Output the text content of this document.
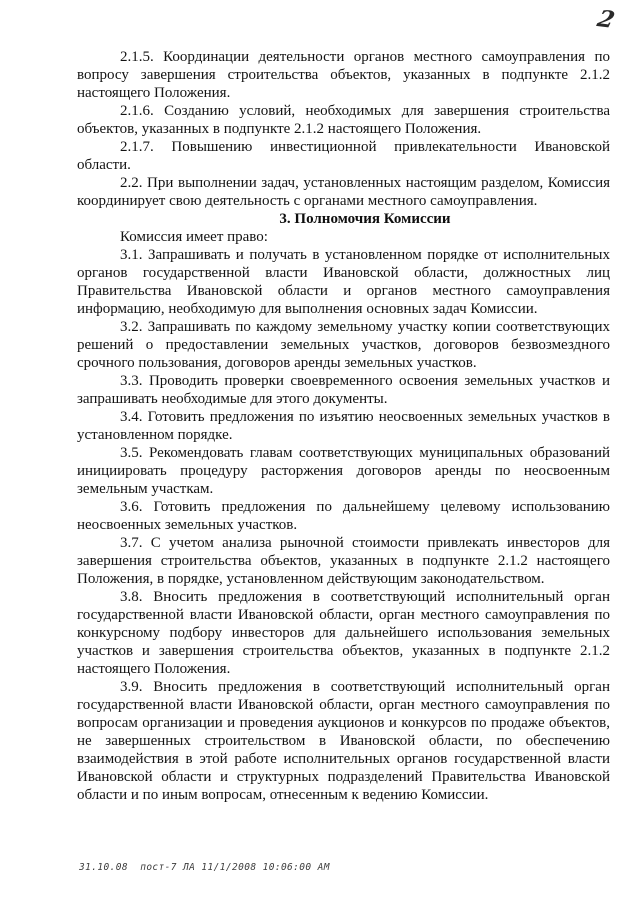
2

2.1.5. Координации деятельности органов местного самоуправления по вопросу завершения строительства объектов, указанных в подпункте 2.1.2 настоящего Положения.

2.1.6. Созданию условий, необходимых для завершения строительства объектов, указанных в подпункте 2.1.2 настоящего Положения.

2.1.7. Повышению инвестиционной привлекательности Ивановской области.

2.2. При выполнении задач, установленных настоящим разделом, Комиссия координирует свою деятельность с органами местного самоуправления.

3. Полномочия Комиссии

Комиссия имеет право:

3.1. Запрашивать и получать в установленном порядке от исполнительных органов государственной власти Ивановской области, должностных лиц Правительства Ивановской области и органов местного самоуправления информацию, необходимую для выполнения основных задач Комиссии.

3.2. Запрашивать по каждому земельному участку копии соответствующих решений о предоставлении земельных участков, договоров безвозмездного срочного пользования, договоров аренды земельных участков.

3.3. Проводить проверки своевременного освоения земельных участков и запрашивать необходимые для этого документы.

3.4. Готовить предложения по изъятию неосвоенных земельных участков в установленном порядке.

3.5. Рекомендовать главам соответствующих муниципальных образований инициировать процедуру расторжения договоров аренды по неосвоенным земельным участкам.

3.6. Готовить предложения по дальнейшему целевому использованию неосвоенных земельных участков.

3.7. С учетом анализа рыночной стоимости привлекать инвесторов для завершения строительства объектов, указанных в подпункте 2.1.2 настоящего Положения, в порядке, установленном действующим законодательством.

3.8. Вносить предложения в соответствующий исполнительный орган государственной власти Ивановской области, орган местного самоуправления по конкурсному подбору инвесторов для дальнейшего использования земельных участков и завершения строительства объектов, указанных в подпункте 2.1.2 настоящего Положения.

3.9. Вносить предложения в соответствующий исполнительный орган государственной власти Ивановской области, орган местного самоуправления по вопросам организации и проведения аукционов и конкурсов по продаже объектов, не завершенных строительством в Ивановской области, по обеспечению взаимодействия в этой работе исполнительных органов государственной власти Ивановской области и структурных подразделений Правительства Ивановской области и по иным вопросам, отнесенным к ведению Комиссии.

31.10.08  пост-7 ЛА 11/1/2008 10:06:00 AM
